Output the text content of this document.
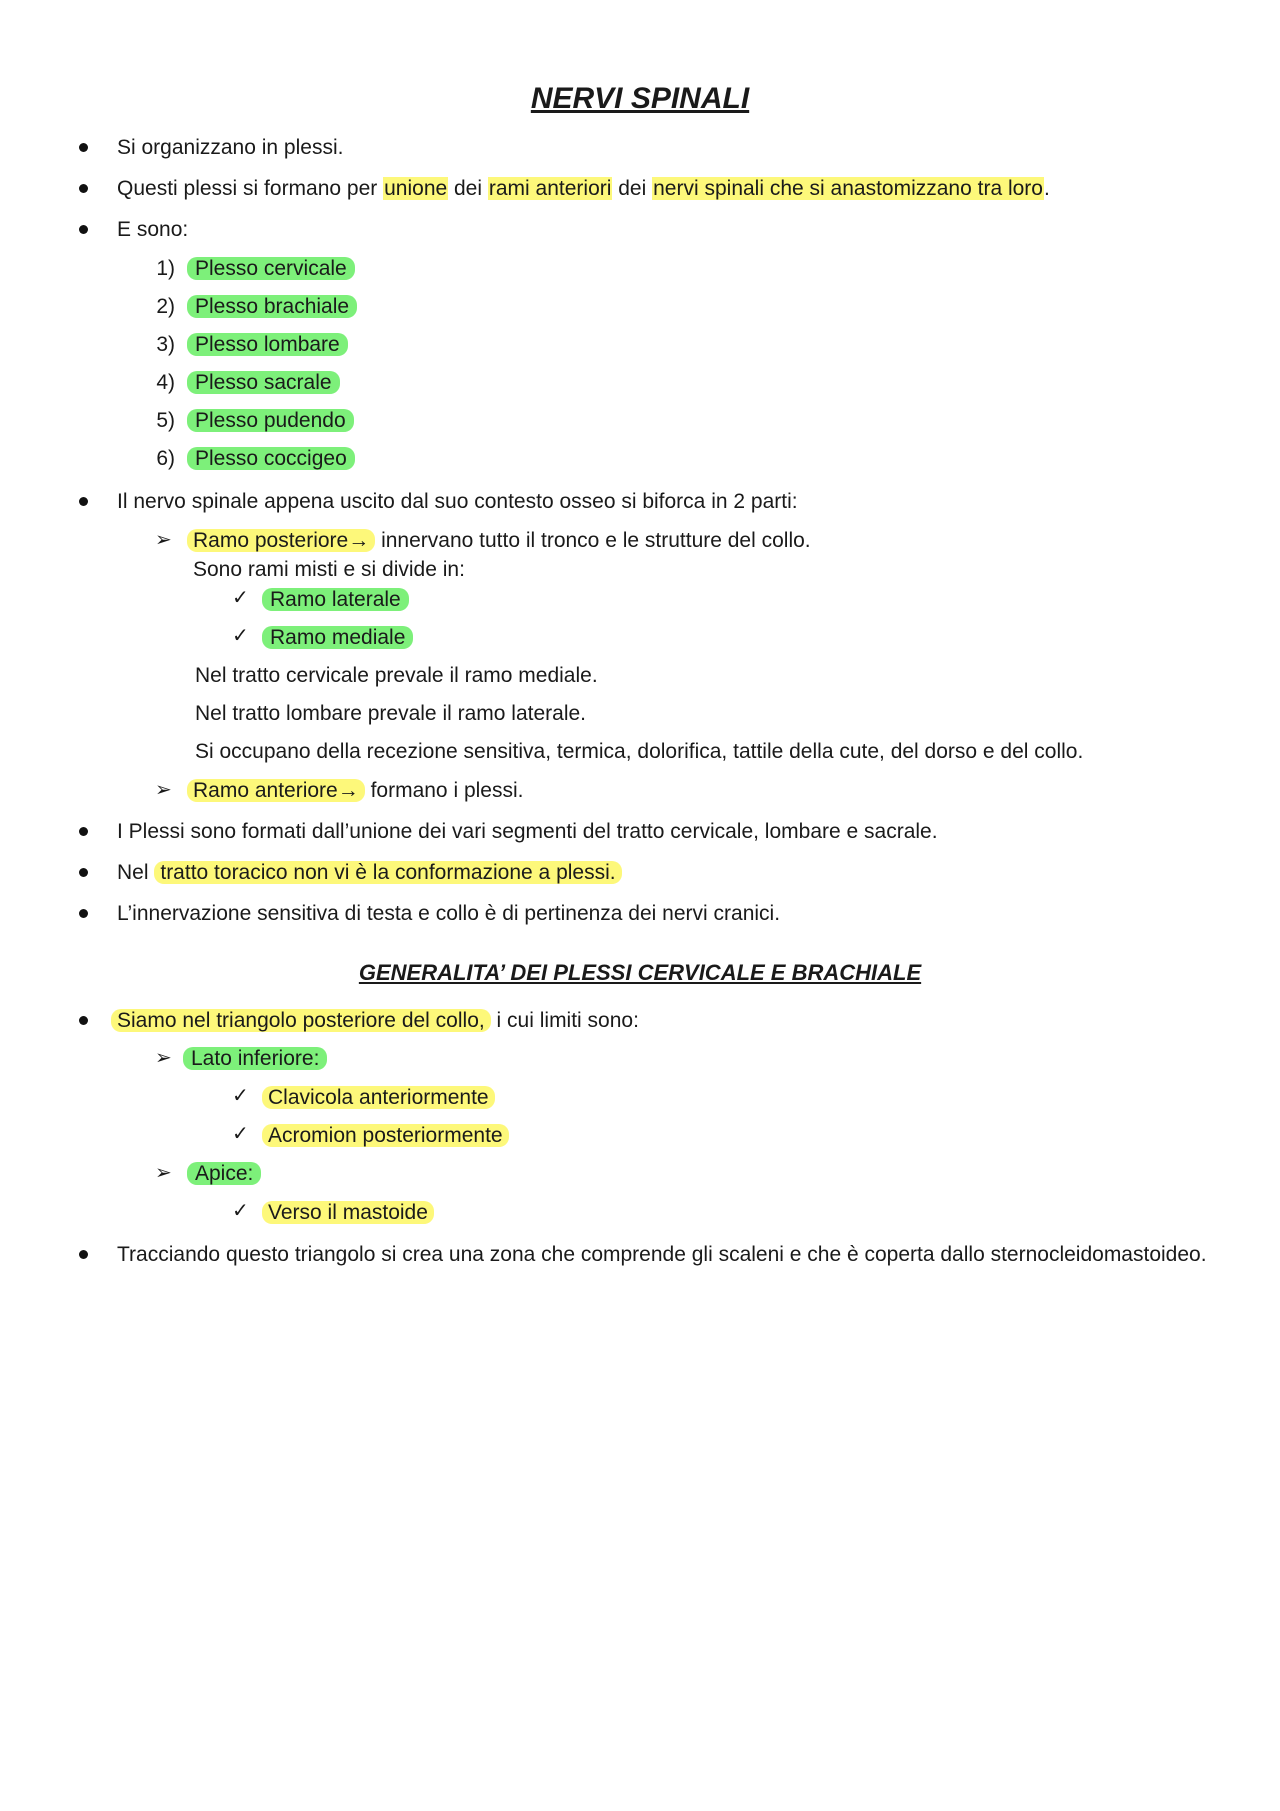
NERVI SPINALI
Si organizzano in plessi.
Questi plessi si formano per unione dei rami anteriori dei nervi spinali che si anastomizzano tra loro.
E sono:
1) Plesso cervicale
2) Plesso brachiale
3) Plesso lombare
4) Plesso sacrale
5) Plesso pudendo
6) Plesso coccigeo
Il nervo spinale appena uscito dal suo contesto osseo si biforca in 2 parti:
➢ Ramo posteriore→ innervano tutto il tronco e le strutture del collo.
Sono rami misti e si divide in:
✓	Ramo laterale
✓	Ramo mediale
Nel tratto cervicale prevale il ramo mediale.
Nel tratto lombare prevale il ramo laterale.
Si occupano della recezione sensitiva, termica, dolorifica, tattile della cute, del dorso e del collo.
➢ Ramo anteriore→ formano i plessi.
I Plessi sono formati dall’unione dei vari segmenti del tratto cervicale, lombare e sacrale.
Nel tratto toracico non vi è la conformazione a plessi.
L’innervazione sensitiva di testa e collo è di pertinenza dei nervi cranici.
GENERALITA’ DEI PLESSI CERVICALE E BRACHIALE
Siamo nel triangolo posteriore del collo, i cui limiti sono:
➢ Lato inferiore:
✓ Clavicola anteriormente
✓ Acromion posteriormente
➢	Apice:
✓ Verso il mastoide
Tracciando questo triangolo si crea una zona che comprende gli scaleni e che è coperta dallo sternocleidomastoideo.
